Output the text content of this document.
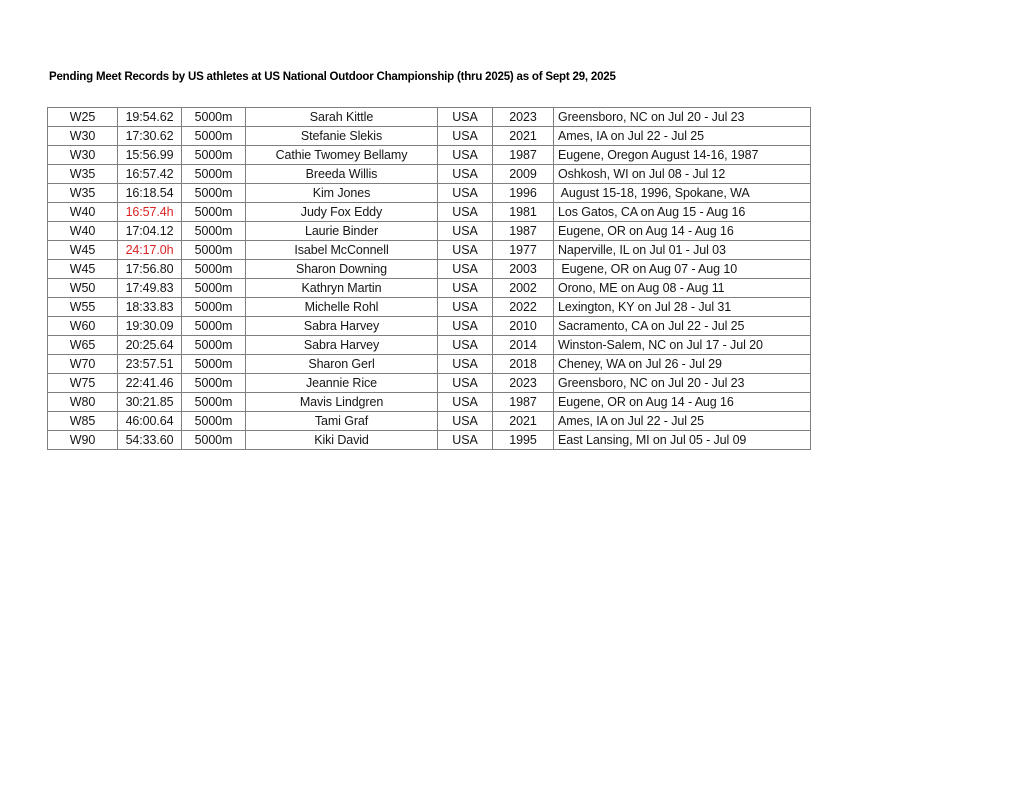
Pending Meet Records by US athletes at US National Outdoor Championship (thru 2025) as of Sept 29, 2025
W25	19:54.62	5000m	Sarah Kittle	USA	2023	Greensboro, NC on Jul 20 - Jul 23
W30	17:30.62	5000m	Stefanie Slekis	USA	2021	Ames, IA on Jul 22 - Jul 25
W30	15:56.99	5000m	Cathie Twomey Bellamy	USA	1987	Eugene, Oregon August 14-16, 1987
W35	16:57.42	5000m	Breeda Willis	USA	2009	Oshkosh, WI on Jul 08 - Jul 12
W35	16:18.54	5000m	Kim Jones	USA	1996	August 15-18, 1996, Spokane, WA
W40	16:57.4h	5000m	Judy Fox Eddy	USA	1981	Los Gatos, CA on Aug 15 - Aug 16
W40	17:04.12	5000m	Laurie Binder	USA	1987	Eugene, OR on Aug 14 - Aug 16
W45	24:17.0h	5000m	Isabel McConnell	USA	1977	Naperville, IL on Jul 01 - Jul 03
W45	17:56.80	5000m	Sharon Downing	USA	2003	Eugene, OR on Aug 07 - Aug 10
W50	17:49.83	5000m	Kathryn Martin	USA	2002	Orono, ME on Aug 08 - Aug 11
W55	18:33.83	5000m	Michelle Rohl	USA	2022	Lexington, KY on Jul 28 - Jul 31
W60	19:30.09	5000m	Sabra Harvey	USA	2010	Sacramento, CA on Jul 22 - Jul 25
W65	20:25.64	5000m	Sabra Harvey	USA	2014	Winston-Salem, NC on Jul 17 - Jul 20
W70	23:57.51	5000m	Sharon Gerl	USA	2018	Cheney, WA on Jul 26 - Jul 29
W75	22:41.46	5000m	Jeannie Rice	USA	2023	Greensboro, NC on Jul 20 - Jul 23
W80	30:21.85	5000m	Mavis Lindgren	USA	1987	Eugene, OR on Aug 14 - Aug 16
W85	46:00.64	5000m	Tami Graf	USA	2021	Ames, IA on Jul 22 - Jul 25
W90	54:33.60	5000m	Kiki David	USA	1995	East Lansing, MI on Jul 05 - Jul 09
